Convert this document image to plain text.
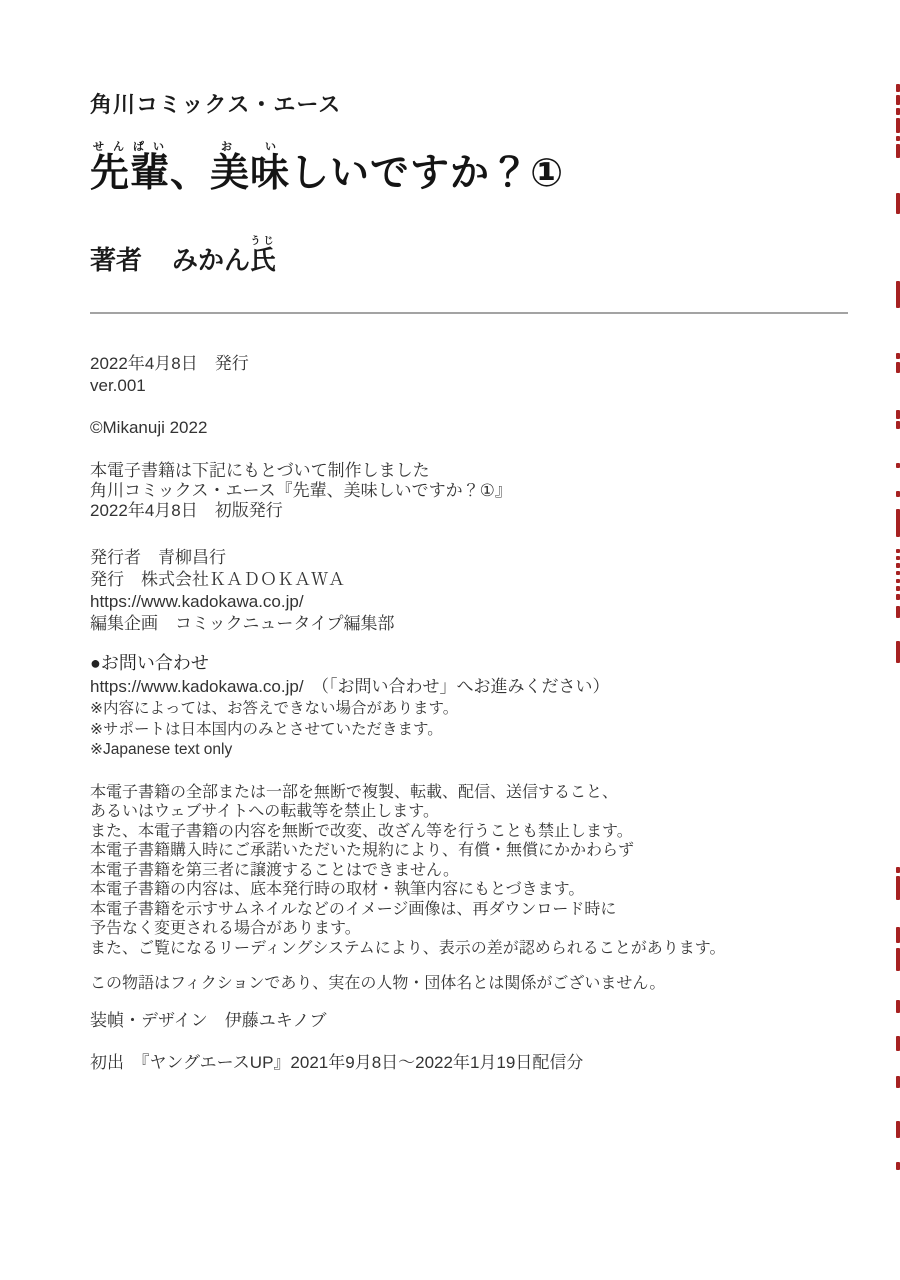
角川コミックス・エース
先輩せんぱい、美味おいしいですか？①
著者 みかん氏うじ

2022年4月8日　発行

ver.001

©Mikanuji 2022

本電子書籍は下記にもとづいて制作しました

角川コミックス・エース『先輩、美味しいですか？①』

2022年4月8日　初版発行

発行者　青柳昌行

発行　株式会社ＫＡＤＯＫＡＷＡ

https://www.kadokawa.co.jp/

編集企画　コミックニュータイプ編集部

●お問い合わせ

https://www.kadokawa.co.jp/　（「お問い合わせ」へお進みください）

※内容によっては、お答えできない場合があります。

※サポートは日本国内のみとさせていただきます。

※Japanese text only

本電子書籍の全部または一部を無断で複製、転載、配信、送信すること、

あるいはウェブサイトへの転載等を禁止します。

また、本電子書籍の内容を無断で改変、改ざん等を行うことも禁止します。

本電子書籍購入時にご承諾いただいた規約により、有償・無償にかかわらず

本電子書籍を第三者に譲渡することはできません。

本電子書籍の内容は、底本発行時の取材・執筆内容にもとづきます。

本電子書籍を示すサムネイルなどのイメージ画像は、再ダウンロード時に

予告なく変更される場合があります。

また、ご覧になるリーディングシステムにより、表示の差が認められることがあります。

この物語はフィクションであり、実在の人物・団体名とは関係がございません。

装幀・デザイン　伊藤ユキノブ

初出　『ヤングエースUP』2021年9月8日～2022年1月19日配信分
